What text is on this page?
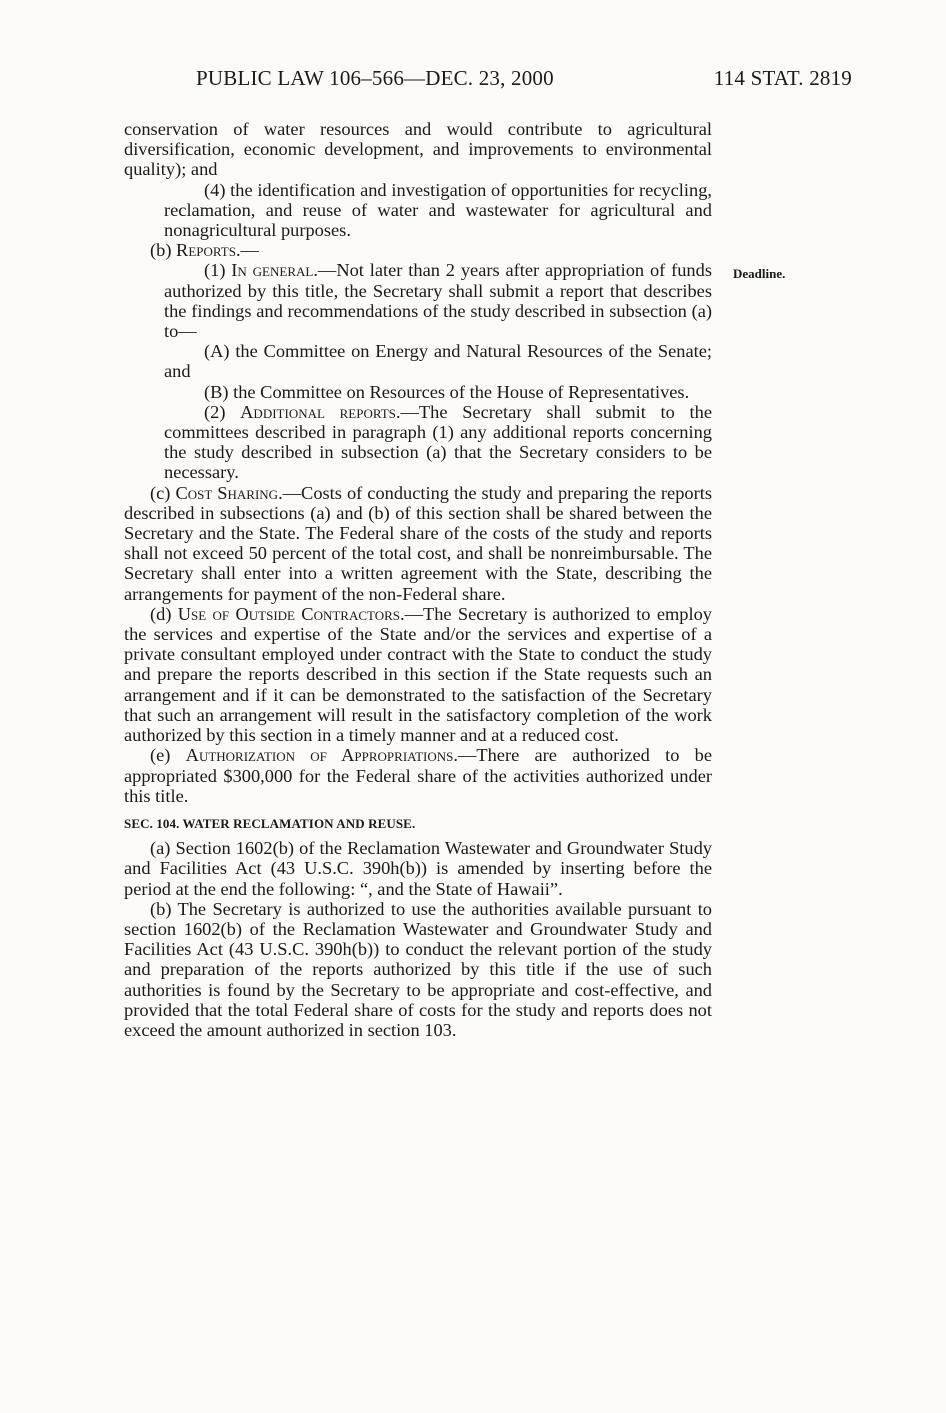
PUBLIC LAW 106–566—DEC. 23, 2000	114 STAT. 2819
Deadline.

conservation of water resources and would contribute to agricultural diversification, economic development, and improvements to environmental quality); and

(4) the identification and investigation of opportunities for recycling, reclamation, and reuse of water and wastewater for agricultural and nonagricultural purposes.

(b) Reports.—

(1) In general.—Not later than 2 years after appropriation of funds authorized by this title, the Secretary shall submit a report that describes the findings and recommendations of the study described in subsection (a) to—

(A) the Committee on Energy and Natural Resources of the Senate; and

(B) the Committee on Resources of the House of Representatives.

(2) Additional reports.—The Secretary shall submit to the committees described in paragraph (1) any additional reports concerning the study described in subsection (a) that the Secretary considers to be necessary.

(c) Cost Sharing.—Costs of conducting the study and preparing the reports described in subsections (a) and (b) of this section shall be shared between the Secretary and the State. The Federal share of the costs of the study and reports shall not exceed 50 percent of the total cost, and shall be nonreimbursable. The Secretary shall enter into a written agreement with the State, describing the arrangements for payment of the non-Federal share.

(d) Use of Outside Contractors.—The Secretary is authorized to employ the services and expertise of the State and/or the services and expertise of a private consultant employed under contract with the State to conduct the study and prepare the reports described in this section if the State requests such an arrangement and if it can be demonstrated to the satisfaction of the Secretary that such an arrangement will result in the satisfactory completion of the work authorized by this section in a timely manner and at a reduced cost.

(e) Authorization of Appropriations.—There are authorized to be appropriated $300,000 for the Federal share of the activities authorized under this title.

SEC. 104. WATER RECLAMATION AND REUSE.

(a) Section 1602(b) of the Reclamation Wastewater and Groundwater Study and Facilities Act (43 U.S.C. 390h(b)) is amended by inserting before the period at the end the following: “, and the State of Hawaii”.

(b) The Secretary is authorized to use the authorities available pursuant to section 1602(b) of the Reclamation Wastewater and Groundwater Study and Facilities Act (43 U.S.C. 390h(b)) to conduct the relevant portion of the study and preparation of the reports authorized by this title if the use of such authorities is found by the Secretary to be appropriate and cost-effective, and provided that the total Federal share of costs for the study and reports does not exceed the amount authorized in section 103.
